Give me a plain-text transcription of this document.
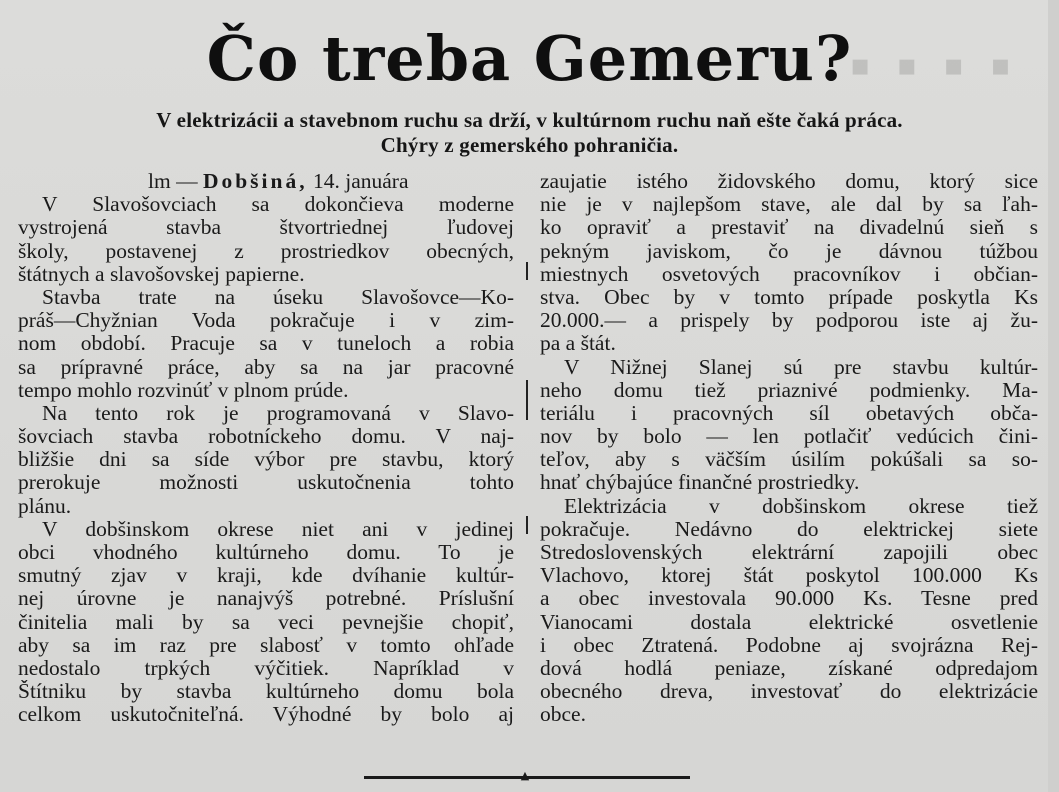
▪ ▪ ▪ ▪
Čo treba Gemeru?
V elektrizácii a stavebnom ruchu sa drží, v kultúrnom ruchu naň ešte čaká práca.
Chýry z gemerského pohraničia.
lm — Dobšiná, 14. januára
V Slavošovciach sa dokončieva moderne
vystrojená stavba štvortriednej ľudovej
školy, postavenej z prostriedkov obecných,
štátnych a slavošovskej papierne.
Stavba trate na úseku Slavošovce—Ko-
práš—Chyžnian Voda pokračuje i v zim-
nom období. Pracuje sa v tuneloch a robia
sa prípravné práce, aby sa na jar pracovné
tempo mohlo rozvinúť v plnom prúde.
Na tento rok je programovaná v Slavo-
šovciach stavba robotníckeho domu. V naj-
bližšie dni sa síde výbor pre stavbu, ktorý
prerokuje možnosti uskutočnenia tohto
plánu.
V dobšinskom okrese niet ani v jedinej
obci vhodného kultúrneho domu. To je
smutný zjav v kraji, kde dvíhanie kultúr-
nej úrovne je nanajvýš potrebné. Príslušní
činitelia mali by sa veci pevnejšie chopiť,
aby sa im raz pre slabosť v tomto ohľade
nedostalo trpkých výčitiek. Napríklad v
Štítniku by stavba kultúrneho domu bola
celkom uskutočniteľná. Výhodné by bolo aj
zaujatie istého židovského domu, ktorý sice
nie je v najlepšom stave, ale dal by sa ľah-
ko opraviť a prestaviť na divadelnú sieň s
pekným javiskom, čo je dávnou túžbou
miestnych osvetových pracovníkov i občian-
stva. Obec by v tomto prípade poskytla Ks
20.000.— a prispely by podporou iste aj žu-
pa a štát.
V Nižnej Slanej sú pre stavbu kultúr-
neho domu tiež priaznivé podmienky. Ma-
teriálu i pracovných síl obetavých obča-
nov by bolo — len potlačiť vedúcich čini-
teľov, aby s väčším úsilím pokúšali sa so-
hnať chýbajúce finančné prostriedky.
Elektrizácia v dobšinskom okrese tiež
pokračuje. Nedávno do elektrickej siete
Stredoslovenských elektrární zapojili obec
Vlachovo, ktorej štát poskytol 100.000 Ks
a obec investovala 90.000 Ks. Tesne pred
Vianocami dostala elektrické osvetlenie
i obec Ztratená. Podobne aj svojrázna Rej-
dová hodlá peniaze, získané odpredajom
obecného dreva, investovať do elektrizácie
obce.
▲
